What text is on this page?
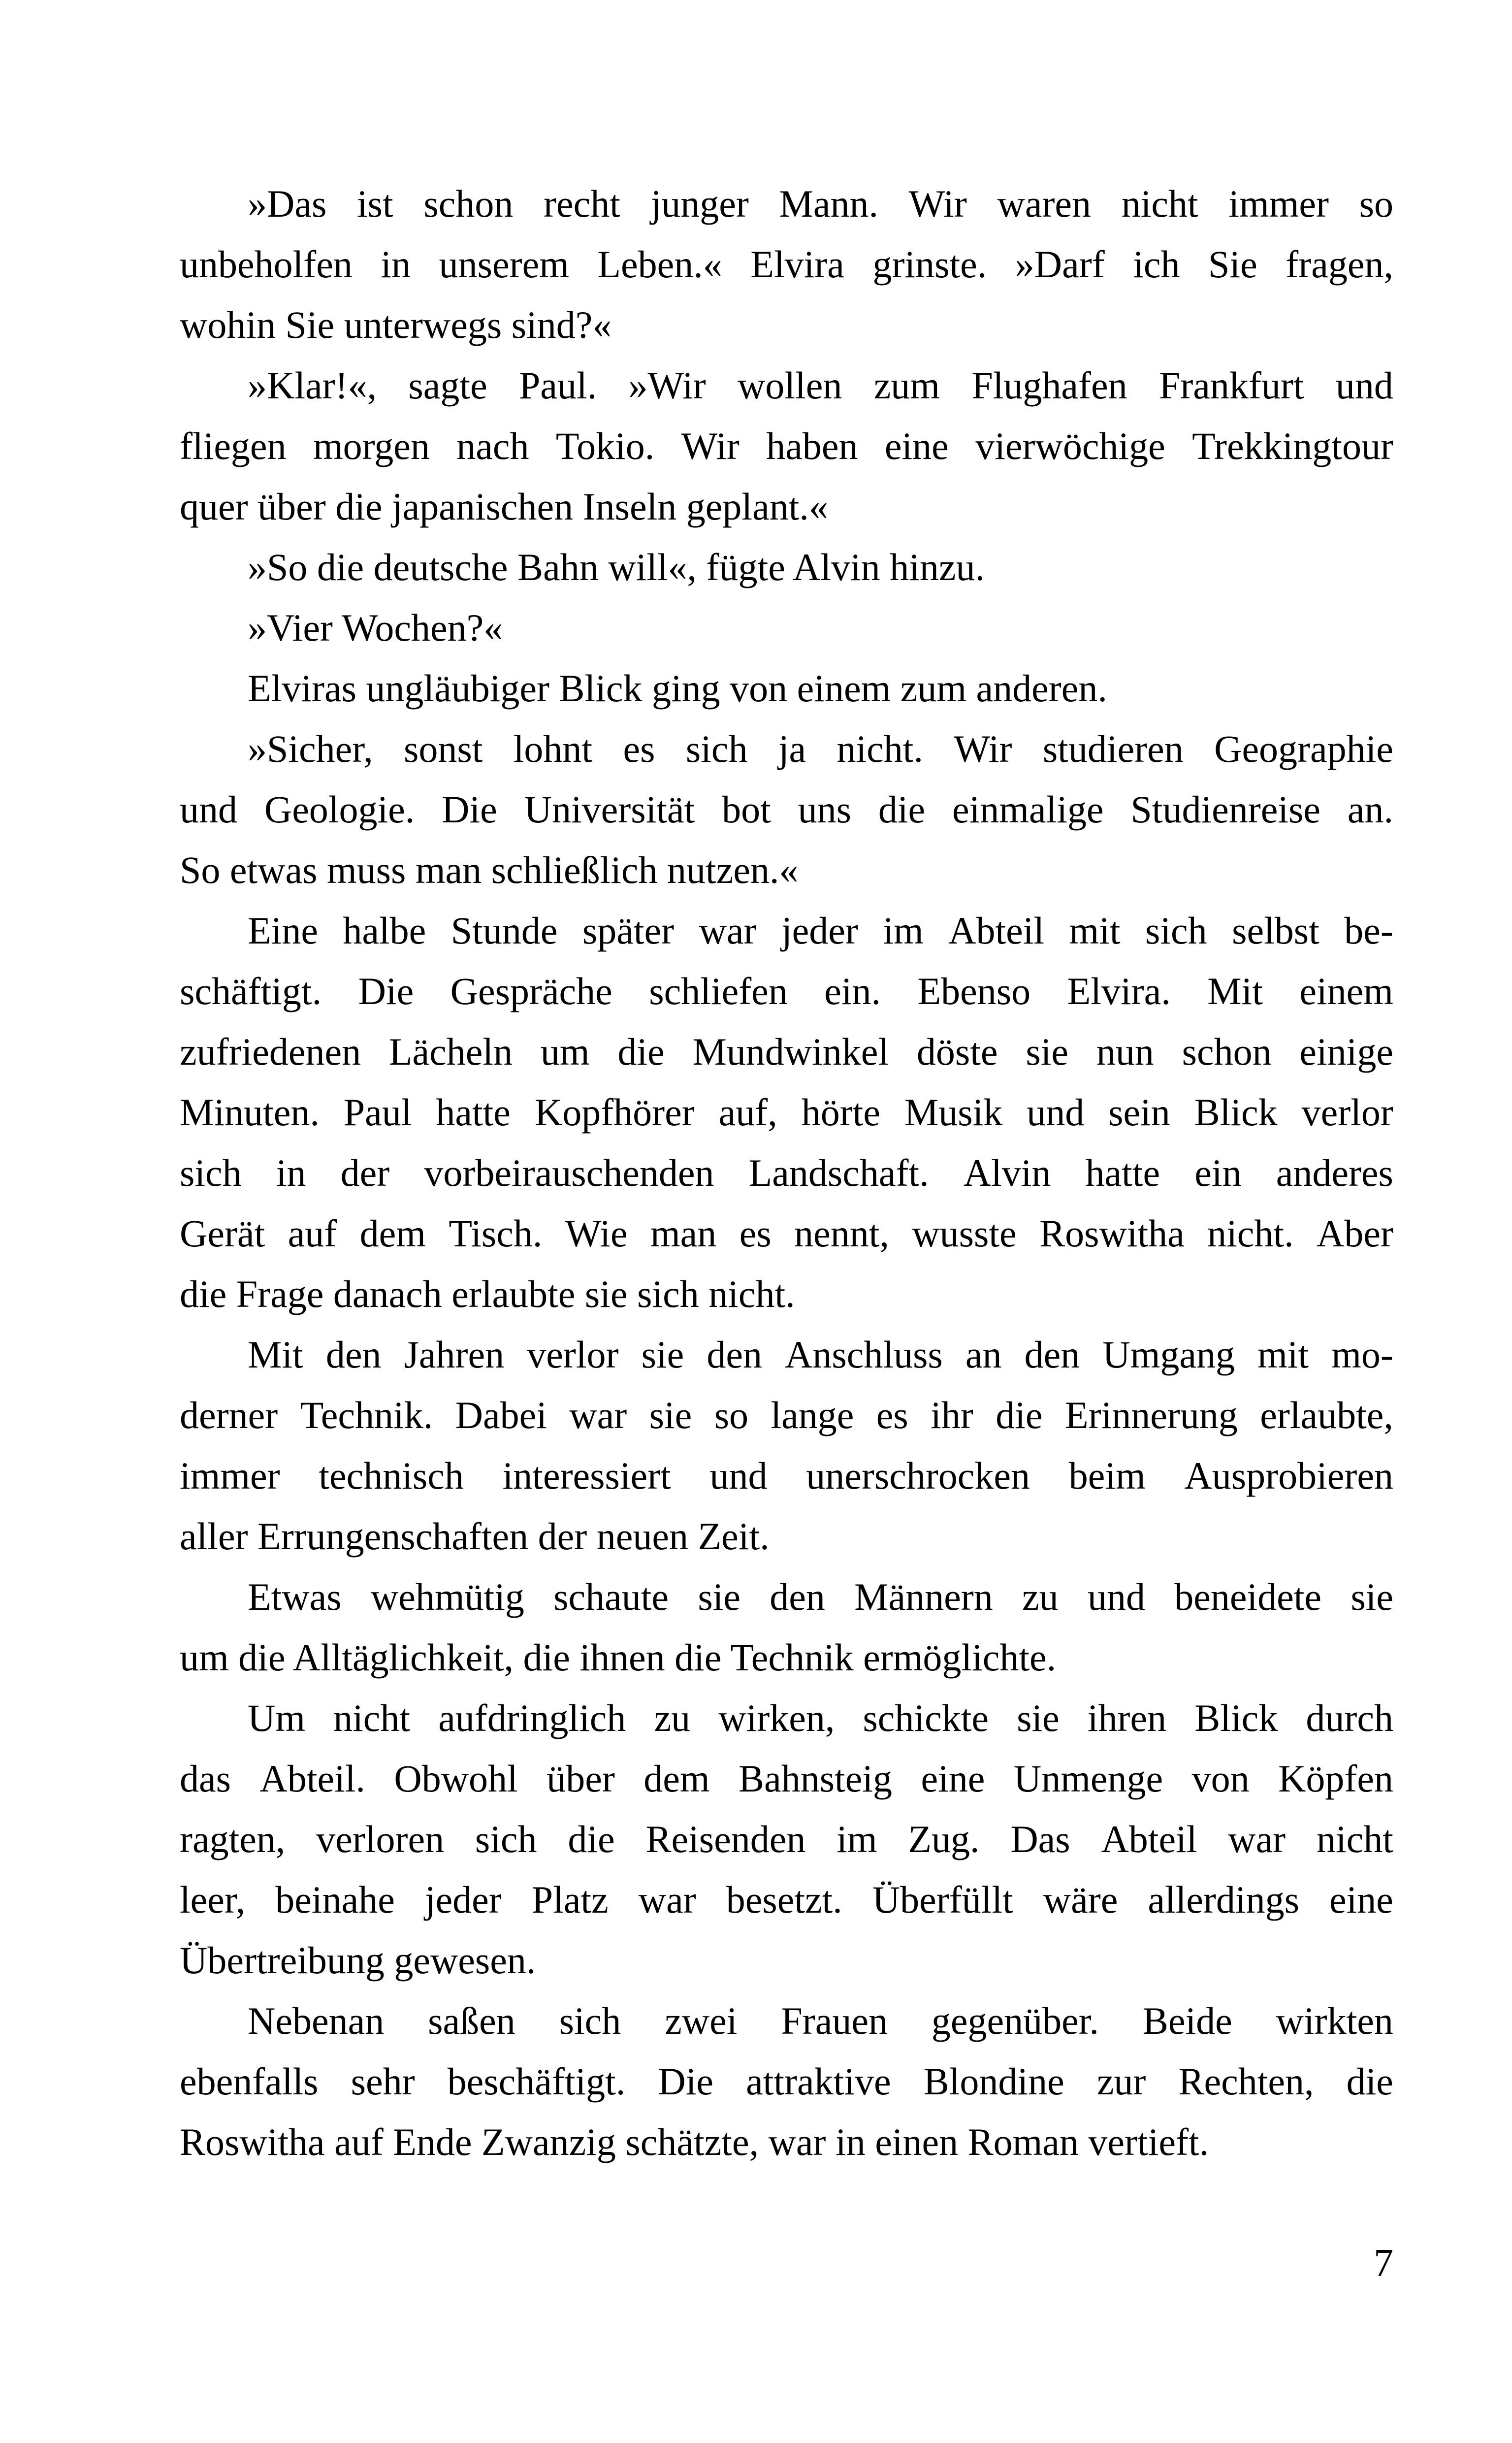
»Das ist schon recht junger Mann. Wir waren nicht immer so
unbeholfen in unserem Leben.« Elvira grinste. »Darf ich Sie fragen,
wohin Sie unterwegs sind?«
»Klar!«, sagte Paul. »Wir wollen zum Flughafen Frankfurt und
fliegen morgen nach Tokio. Wir haben eine vierwöchige Trekkingtour
quer über die japanischen Inseln geplant.«
»So die deutsche Bahn will«, fügte Alvin hinzu.
»Vier Wochen?«
Elviras ungläubiger Blick ging von einem zum anderen.
»Sicher, sonst lohnt es sich ja nicht. Wir studieren Geographie
und Geologie. Die Universität bot uns die einmalige Studienreise an.
So etwas muss man schließlich nutzen.«
Eine halbe Stunde später war jeder im Abteil mit sich selbst be-
schäftigt. Die Gespräche schliefen ein. Ebenso Elvira. Mit einem
zufriedenen Lächeln um die Mundwinkel döste sie nun schon einige
Minuten. Paul hatte Kopfhörer auf, hörte Musik und sein Blick verlor
sich in der vorbeirauschenden Landschaft. Alvin hatte ein anderes
Gerät auf dem Tisch. Wie man es nennt, wusste Roswitha nicht. Aber
die Frage danach erlaubte sie sich nicht.
Mit den Jahren verlor sie den Anschluss an den Umgang mit mo-
derner Technik. Dabei war sie so lange es ihr die Erinnerung erlaubte,
immer technisch interessiert und unerschrocken beim Ausprobieren
aller Errungenschaften der neuen Zeit.
Etwas wehmütig schaute sie den Männern zu und beneidete sie
um die Alltäglichkeit, die ihnen die Technik ermöglichte.
Um nicht aufdringlich zu wirken, schickte sie ihren Blick durch
das Abteil. Obwohl über dem Bahnsteig eine Unmenge von Köpfen
ragten, verloren sich die Reisenden im Zug. Das Abteil war nicht
leer, beinahe jeder Platz war besetzt. Überfüllt wäre allerdings eine
Übertreibung gewesen.
Nebenan saßen sich zwei Frauen gegenüber. Beide wirkten
ebenfalls sehr beschäftigt. Die attraktive Blondine zur Rechten, die
Roswitha auf Ende Zwanzig schätzte, war in einen Roman vertieft.
7
